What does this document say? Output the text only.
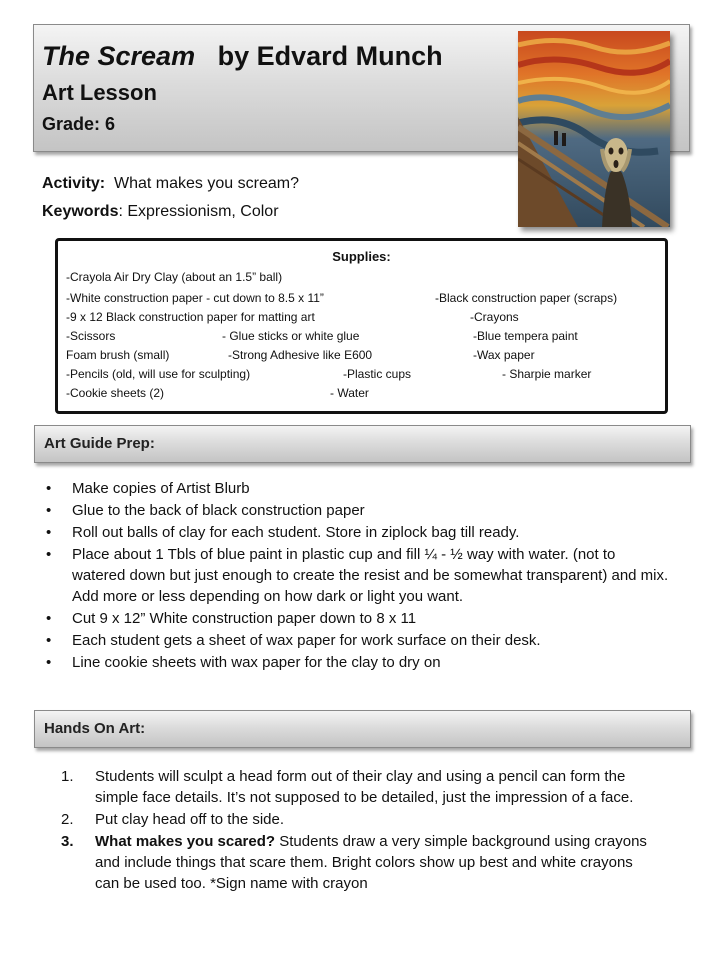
The Scream by Edvard Munch
Art Lesson
Grade: 6
Activity: What makes you scream?
Keywords: Expressionism, Color
Supplies:
-Crayola Air Dry Clay (about an 1.5” ball)
-White construction paper - cut down to 8.5 x 11”	-Black construction paper (scraps)
-9 x 12 Black construction paper for matting art	-Crayons
-Scissors	- Glue sticks or white glue	-Blue tempera paint
Foam brush (small)	-Strong Adhesive like E600	-Wax paper
-Pencils (old, will use for sculpting)	-Plastic cups	- Sharpie marker
-Cookie sheets (2)	- Water
Art Guide Prep:
• Make copies of Artist Blurb
• Glue to the back of black construction paper
• Roll out balls of clay for each student. Store in ziplock bag till ready.
• Place about 1 Tbls of blue paint in plastic cup and fill ¼ - ½ way with water. (not to watered down but just enough to create the resist and be somewhat transparent) and mix. Add more or less depending on how dark or light you want.
• Cut 9 x 12” White construction paper down to 8 x 11
• Each student gets a sheet of wax paper for work surface on their desk.
• Line cookie sheets with wax paper for the clay to dry on
Hands On Art:
1. Students will sculpt a head form out of their clay and using a pencil can form the simple face details. It’s not supposed to be detailed, just the impression of a face.
2. Put clay head off to the side.
3. What makes you scared? Students draw a very simple background using crayons and include things that scare them. Bright colors show up best and white crayons can be used too. *Sign name with crayon
